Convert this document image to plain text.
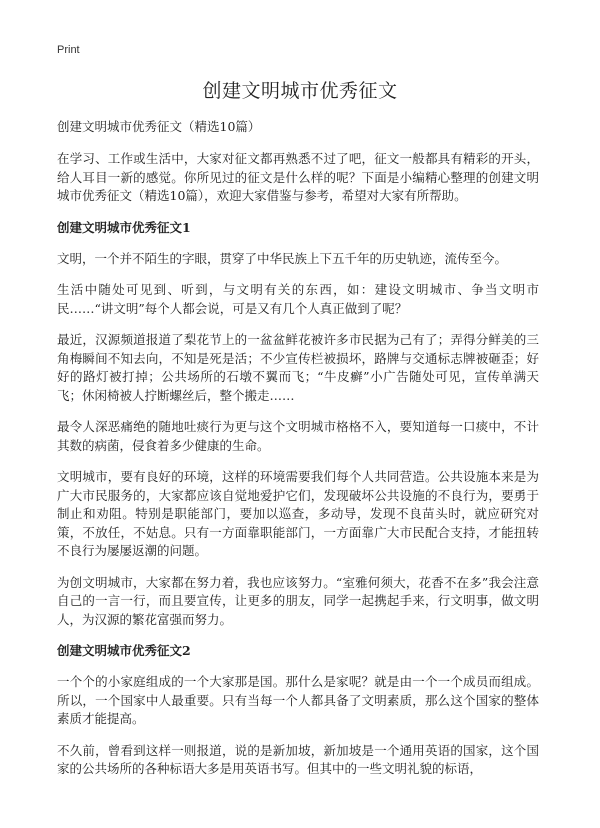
Print
创建文明城市优秀征文
创建文明城市优秀征文（精选10篇）

在学习、工作或生活中，大家对征文都再熟悉不过了吧，征文一般都具有精彩的开头，给人耳目一新的感觉。你所见过的征文是什么样的呢？下面是小编精心整理的创建文明城市优秀征文（精选10篇），欢迎大家借鉴与参考，希望对大家有所帮助。

创建文明城市优秀征文1

文明，一个并不陌生的字眼，贯穿了中华民族上下五千年的历史轨迹，流传至今。

生活中随处可见到、听到，与文明有关的东西，如：建设文明城市、争当文明市民……“讲文明”每个人都会说，可是又有几个人真正做到了呢？

最近，汉源频道报道了梨花节上的一盆盆鲜花被许多市民据为己有了；弄得分鲜美的三角梅瞬间不知去向，不知是死是活；不少宣传栏被损坏，路牌与交通标志牌被砸歪；好好的路灯被打掉；公共场所的石墩不翼而飞；“牛皮癣”小广告随处可见，宣传单满天飞；休闲椅被人拧断螺丝后，整个搬走……

最令人深恶痛绝的随地吐痰行为更与这个文明城市格格不入，要知道每一口痰中，不计其数的病菌，侵食着多少健康的生命。

文明城市，要有良好的环境，这样的环境需要我们每个人共同营造。公共设施本来是为广大市民服务的，大家都应该自觉地爱护它们，发现破坏公共设施的不良行为，要勇于制止和劝阻。特别是职能部门，要加以巡查，多动导，发现不良苗头时，就应研究对策，不放任，不姑息。只有一方面靠职能部门，一方面靠广大市民配合支持，才能扭转不良行为屡屡返潮的问题。

为创文明城市，大家都在努力着，我也应该努力。“室雅何须大，花香不在多”我会注意自己的一言一行，而且要宣传，让更多的朋友，同学一起携起手来，行文明事，做文明人，为汉源的繁花富强而努力。

创建文明城市优秀征文2

一个个的小家庭组成的一个大家那是国。那什么是家呢？就是由一个一个成员而组成。所以，一个国家中人最重要。只有当每一个人都具备了文明素质，那么这个国家的整体素质才能提高。

不久前，曾看到这样一则报道，说的是新加坡，新加坡是一个通用英语的国家，这个国家的公共场所的各种标语大多是用英语书写。但其中的一些文明礼貌的标语，
